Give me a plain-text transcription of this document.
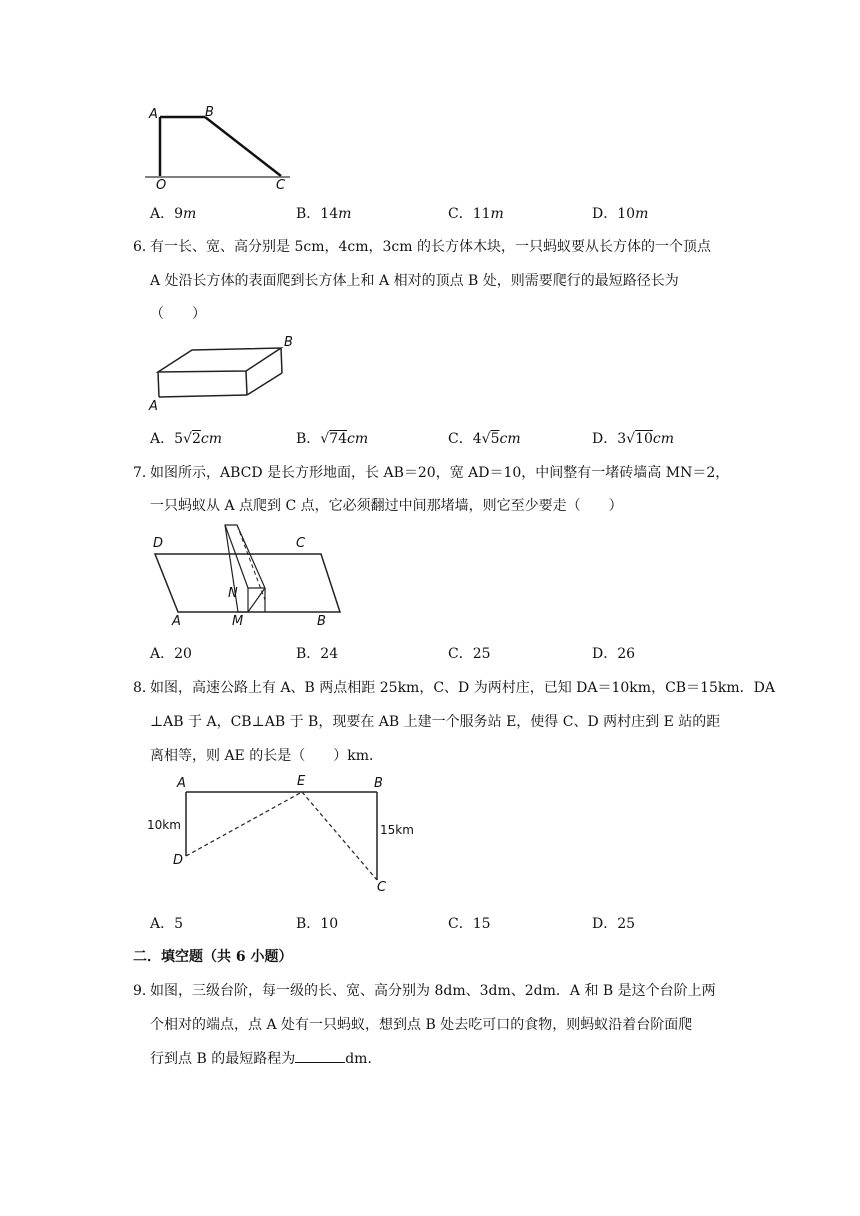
A	B
O	C
A．9m	B．14m	C．11m	D．10m
6．
有一长、宽、高分别是 5cm，4cm，3cm 的长方体木块，一只蚂蚁要从长方体的一个顶点
A 处沿长方体的表面爬到长方体上和 A 相对的顶点 B 处，则需要爬行的最短路径长为
（　　）
A
B
A．5√2cm	B．√74cm	C．4√5cm	D．3√10cm
7．
如图所示，ABCD 是长方形地面，长 AB＝20，宽 AD＝10，中间整有一堵砖墙高 MN＝2，
一只蚂蚁从 A 点爬到 C 点，它必须翻过中间那堵墙，则它至少要走（　　）
D	C
N
A	M	B
A．20	B．24	C．25	D．26
8．
如图，高速公路上有 A、B 两点相距 25km，C、D 为两村庄，已知 DA＝10km，CB＝15km．DA
⊥AB 于 A，CB⊥AB 于 B，现要在 AB 上建一个服务站 E，使得 C、D 两村庄到 E 站的距
离相等，则 AE 的长是（　　）km．
A	E	B
D
C
10km	15km
A．5	B．10	C．15	D．25
二．填空题（共 6 小题）
9．
如图，三级台阶，每一级的长、宽、高分别为 8dm、3dm、2dm．A 和 B 是这个台阶上两
个相对的端点，点 A 处有一只蚂蚁，想到点 B 处去吃可口的食物，则蚂蚁沿着台阶面爬
行到点 B 的最短路程为	dm．
